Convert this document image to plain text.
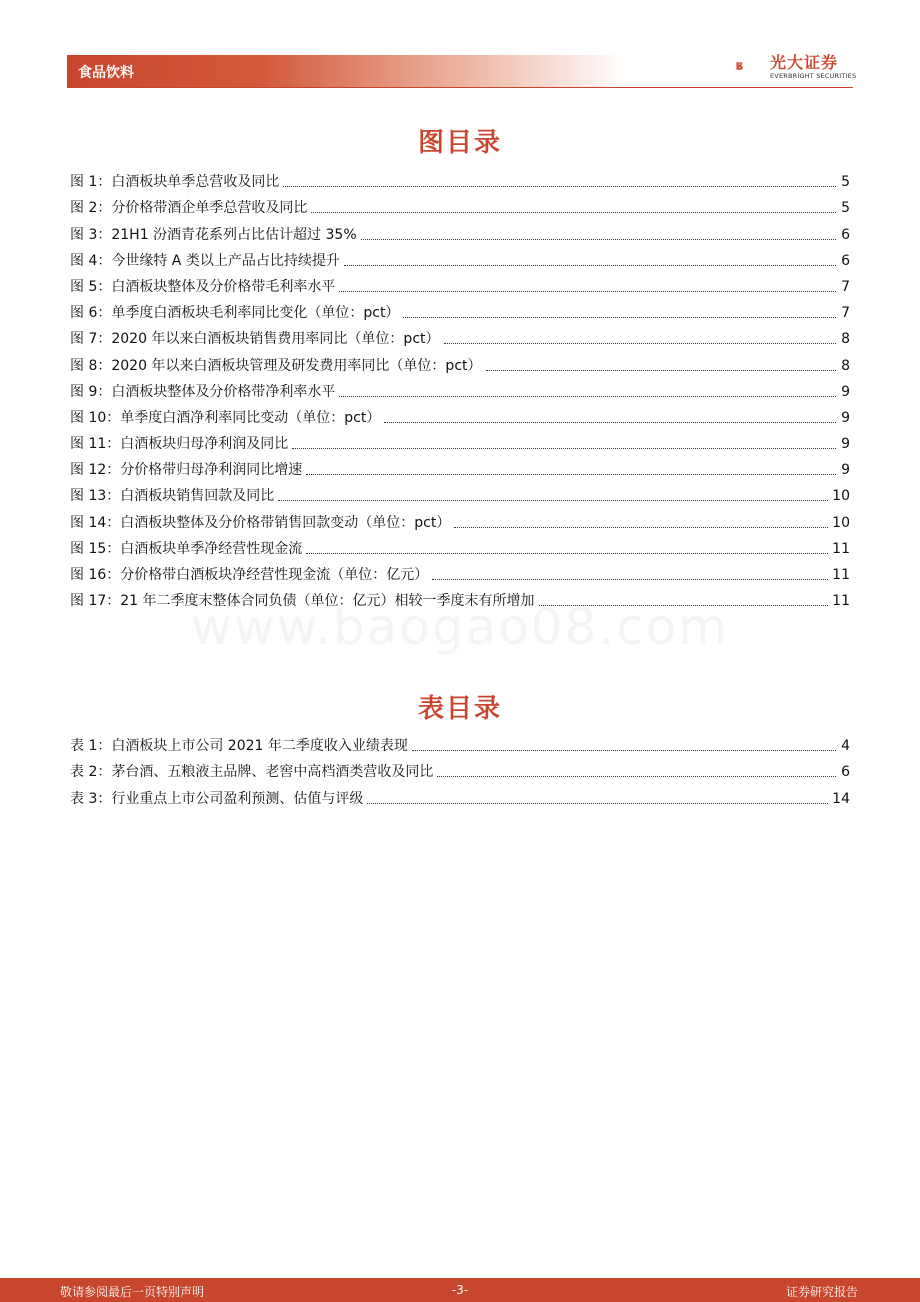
食品饮料
光大证券
EVERBRIGHT SECURITIES
图目录
图 1：白酒板块单季总营收及同比	5
图 2：分价格带酒企单季总营收及同比	5
图 3：21H1 汾酒青花系列占比估计超过 35%	6
图 4：今世缘特 A 类以上产品占比持续提升	6
图 5：白酒板块整体及分价格带毛利率水平	7
图 6：单季度白酒板块毛利率同比变化（单位：pct）	7
图 7：2020 年以来白酒板块销售费用率同比（单位：pct）	8
图 8：2020 年以来白酒板块管理及研发费用率同比（单位：pct）	8
图 9：白酒板块整体及分价格带净利率水平	9
图 10：单季度白酒净利率同比变动（单位：pct）	9
图 11：白酒板块归母净利润及同比	9
图 12：分价格带归母净利润同比增速	9
图 13：白酒板块销售回款及同比	10
图 14：白酒板块整体及分价格带销售回款变动（单位：pct）	10
图 15：白酒板块单季净经营性现金流	11
图 16：分价格带白酒板块净经营性现金流（单位：亿元）	11
图 17：21 年二季度末整体合同负债（单位：亿元）相较一季度末有所增加	11
表目录
表 1：白酒板块上市公司 2021 年二季度收入业绩表现	4
表 2：茅台酒、五粮液主品牌、老窖中高档酒类营收及同比	6
表 3：行业重点上市公司盈利预测、估值与评级	14
敬请参阅最后一页特别声明	-3-	证券研究报告
